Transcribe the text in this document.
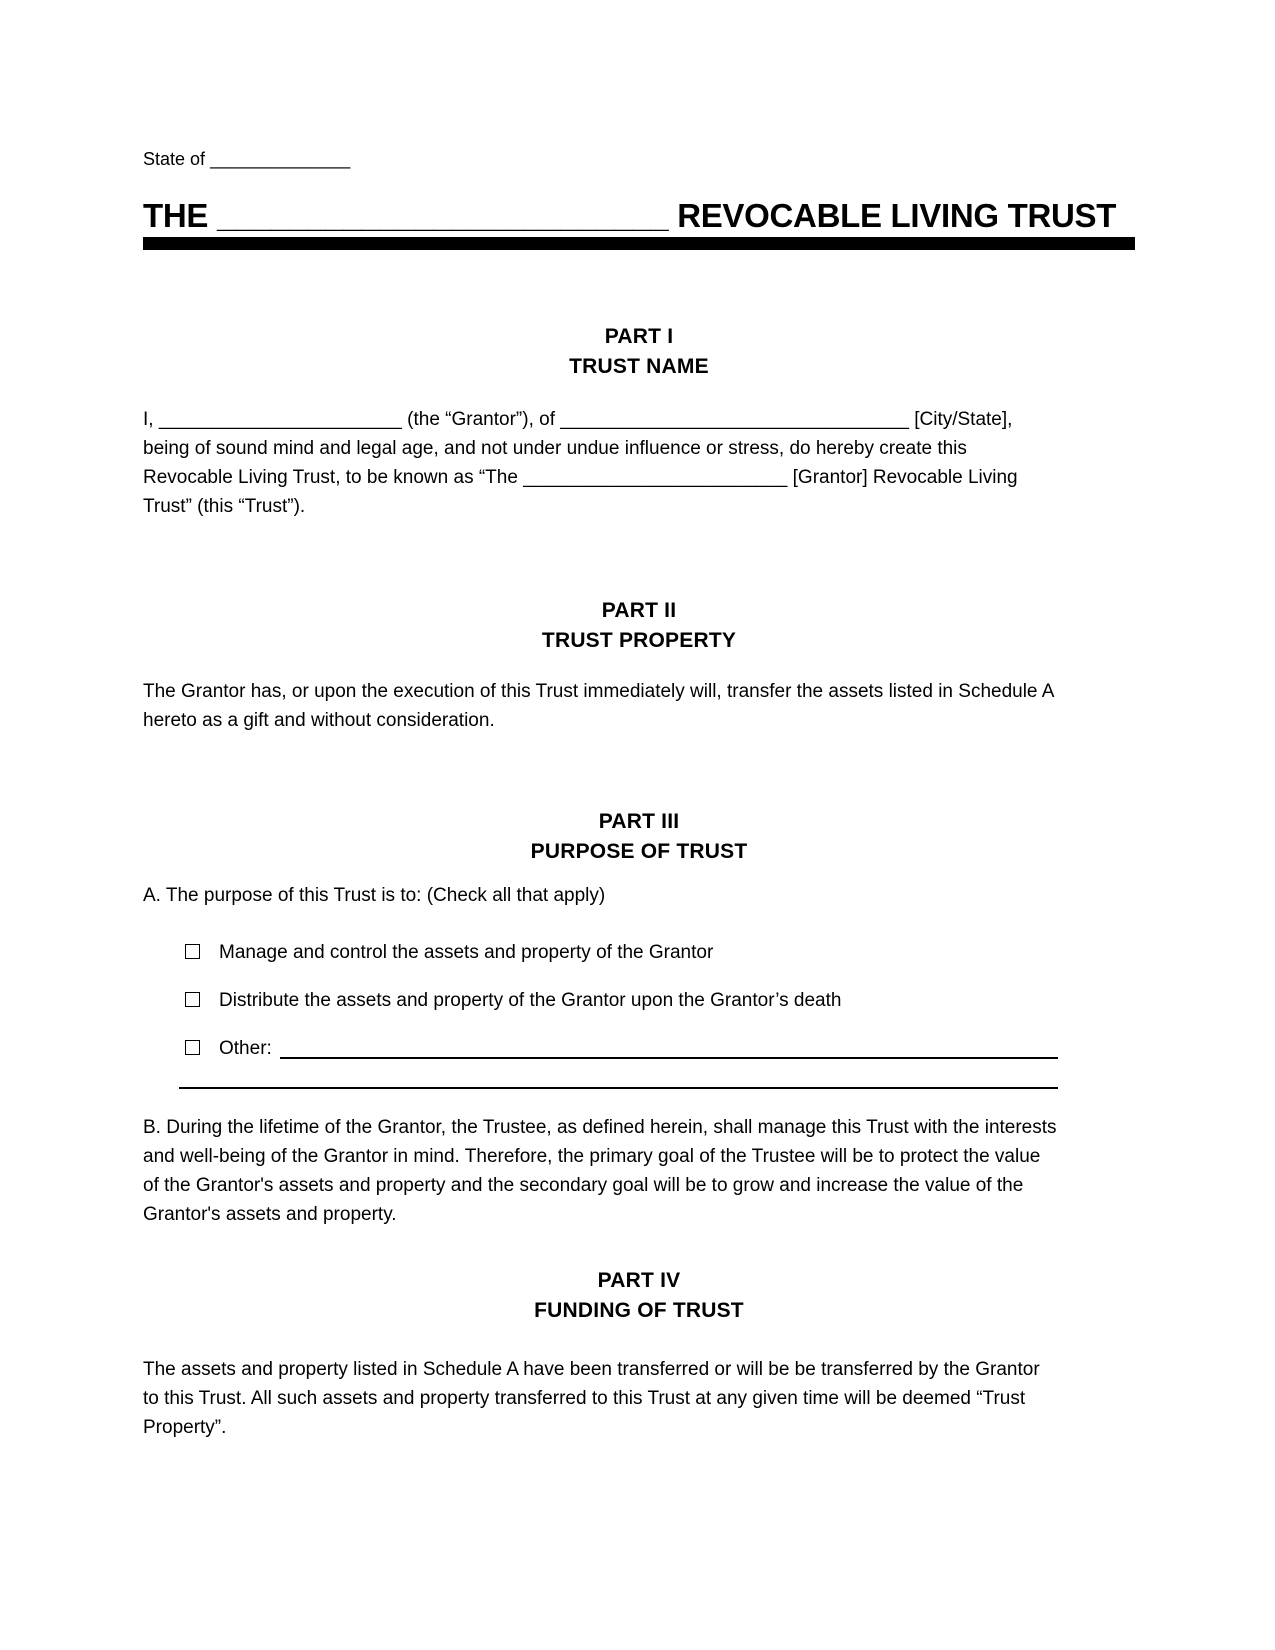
State of ______________

THE _________________________ REVOCABLE LIVING TRUST
PART I
TRUST NAME

I, _______________________ (the “Grantor”), of _________________________________ [City/State], being of sound mind and legal age, and not under undue influence or stress, do hereby create this Revocable Living Trust, to be known as “The _________________________ [Grantor] Revocable Living Trust” (this “Trust”).

PART II
TRUST PROPERTY

The Grantor has, or upon the execution of this Trust immediately will, transfer the assets listed in Schedule A hereto as a gift and without consideration.

PART III
PURPOSE OF TRUST

A. The purpose of this Trust is to: (Check all that apply)

Manage and control the assets and property of the Grantor
Distribute the assets and property of the Grantor upon the Grantor’s death
Other:

B. During the lifetime of the Grantor, the Trustee, as defined herein, shall manage this Trust with the interests and well-being of the Grantor in mind. Therefore, the primary goal of the Trustee will be to protect the value of the Grantor's assets and property and the secondary goal will be to grow and increase the value of the Grantor's assets and property.

PART IV
FUNDING OF TRUST

The assets and property listed in Schedule A have been transferred or will be be transferred by the Grantor to this Trust. All such assets and property transferred to this Trust at any given time will be deemed “Trust Property”.
